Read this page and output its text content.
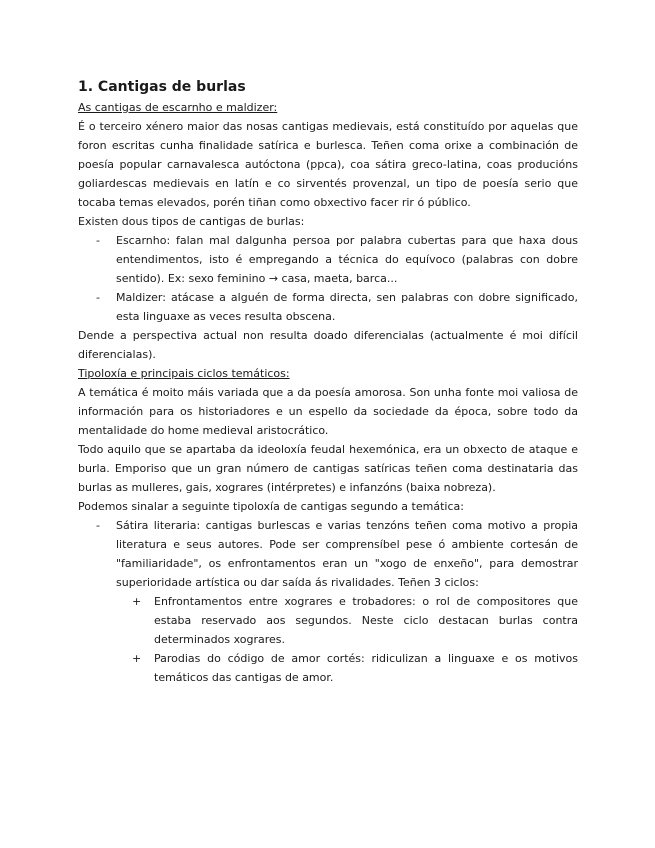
1. Cantigas de burlas
As cantigas de escarnho e maldizer:

É o terceiro xénero maior das nosas cantigas medievais, está constituído por aquelas que foron escritas cunha finalidade satírica e burlesca. Teñen coma orixe a combinación de poesía popular carnavalesca autóctona (ppca), coa sátira greco-latina, coas producións goliardescas medievais en latín e co sirventés provenzal, un tipo de poesía serio que tocaba temas elevados, porén tiñan como obxectivo facer rir ó público.

Existen dous tipos de cantigas de burlas:

- Escarnho: falan mal dalgunha persoa por palabra cubertas para que haxa dous entendimentos, isto é empregando a técnica do equívoco (palabras con dobre sentido). Ex: sexo feminino → casa, maeta, barca...
- Maldizer: atácase a alguén de forma directa, sen palabras con dobre significado, esta linguaxe as veces resulta obscena.

Dende a perspectiva actual non resulta doado diferencialas (actualmente é moi difícil diferencialas).

Tipoloxía e principais ciclos temáticos:

A temática é moito máis variada que a da poesía amorosa. Son unha fonte moi valiosa de información para os historiadores e un espello da sociedade da época, sobre todo da mentalidade do home medieval aristocrático.

Todo aquilo que se apartaba da ideoloxía feudal hexemónica, era un obxecto de ataque e burla. Emporiso que un gran número de cantigas satíricas teñen coma destinataria das burlas as mulleres, gais, xograres (intérpretes) e infanzóns (baixa nobreza).

Podemos sinalar a seguinte tipoloxía de cantigas segundo a temática:

- Sátira literaria: cantigas burlescas e varias tenzóns teñen coma motivo a propia literatura e seus autores. Pode ser comprensíbel pese ó ambiente cortesán de "familiaridade", os enfrontamentos eran un "xogo de enxeño", para demostrar superioridade artística ou dar saída ás rivalidades. Teñen 3 ciclos:
+ Enfrontamentos entre xograres e trobadores: o rol de compositores que estaba reservado aos segundos. Neste ciclo destacan burlas contra determinados xograres.
+ Parodias do código de amor cortés: ridiculizan a linguaxe e os motivos temáticos das cantigas de amor.
